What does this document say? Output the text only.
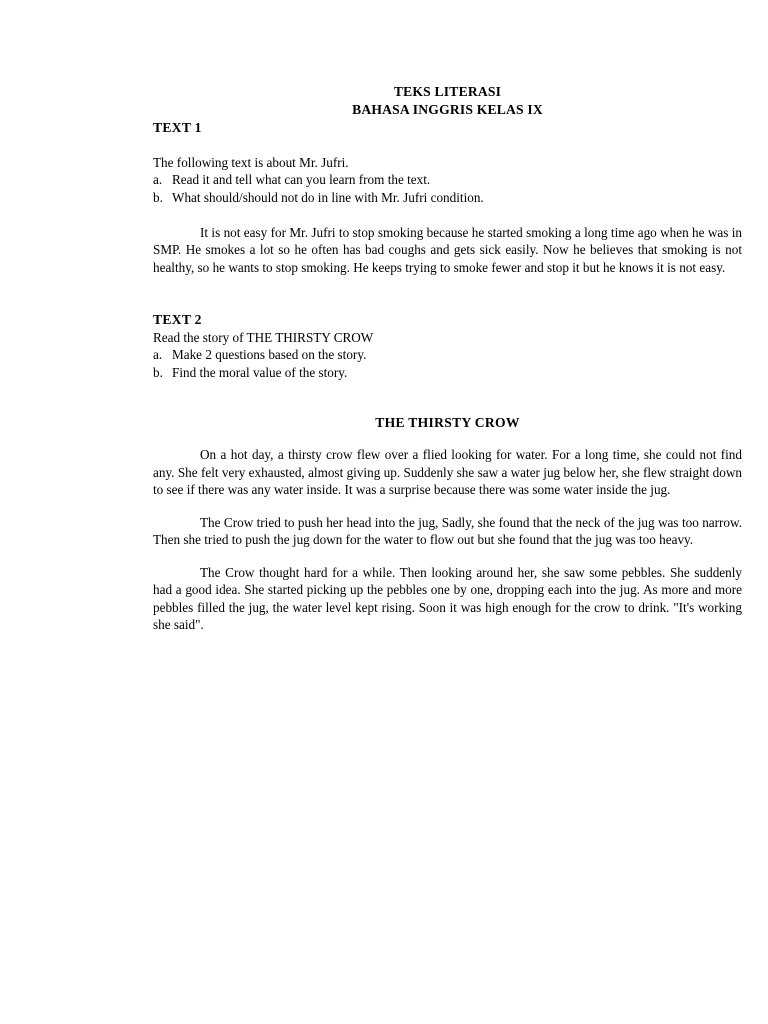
TEKS LITERASI
BAHASA INGGRIS KELAS IX
TEXT 1

The following text is about Mr. Jufri.

a. Read it and tell what can you learn from the text.
b. What should/should not do in line with Mr. Jufri condition.

It is not easy for Mr. Jufri to stop smoking because he started smoking a long time ago when he was in SMP. He smokes a lot so he often has bad coughs and gets sick easily. Now he believes that smoking is not healthy, so he wants to stop smoking. He keeps trying to smoke fewer and stop it but he knows it is not easy.

TEXT 2

Read the story of THE THIRSTY CROW

a. Make 2 questions based on the story.
b. Find the moral value of the story.

THE THIRSTY CROW

On a hot day, a thirsty crow flew over a flied looking for water. For a long time, she could not find any. She felt very exhausted, almost giving up. Suddenly she saw a water jug below her, she flew straight down to see if there was any water inside. It was a surprise because there was some water inside the jug.

The Crow tried to push her head into the jug, Sadly, she found that the neck of the jug was too narrow. Then she tried to push the jug down for the water to flow out but she found that the jug was too heavy.

The Crow thought hard for a while. Then looking around her, she saw some pebbles. She suddenly had a good idea. She started picking up the pebbles one by one, dropping each into the jug. As more and more pebbles filled the jug, the water level kept rising. Soon it was high enough for the crow to drink. "It's working she said".
